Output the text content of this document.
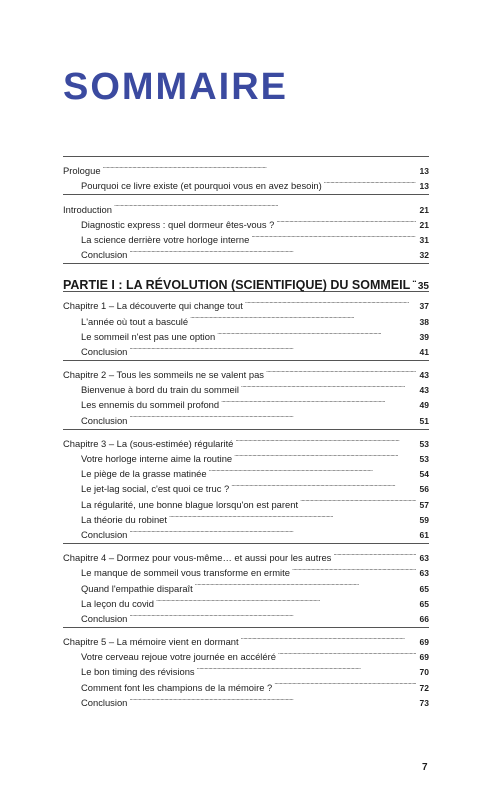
SOMMAIRE
Prologue . . .	13
Pourquoi ce livre existe (et pourquoi vous en avez besoin) . . .	13
Introduction . . .	21
Diagnostic express : quel dormeur êtes-vous ? . . .	21
La science derrière votre horloge interne . . .	31
Conclusion . . .	32
PARTIE I : LA RÉVOLUTION (SCIENTIFIQUE) DU SOMMEIL . . . 35
Chapitre 1 – La découverte qui change tout . . .	37
L'année où tout a basculé . . .	38
Le sommeil n'est pas une option . . .	39
Conclusion . . .	41
Chapitre 2 – Tous les sommeils ne se valent pas . . .	43
Bienvenue à bord du train du sommeil . . .	43
Les ennemis du sommeil profond . . .	49
Conclusion . . .	51
Chapitre 3 – La (sous-estimée) régularité . . .	53
Votre horloge interne aime la routine . . .	53
Le piège de la grasse matinée . . .	54
Le jet-lag social, c'est quoi ce truc ? . . .	56
La régularité, une bonne blague lorsqu'on est parent . . .	57
La théorie du robinet . . .	59
Conclusion . . .	61
Chapitre 4 – Dormez pour vous-même… et aussi pour les autres . . .	63
Le manque de sommeil vous transforme en ermite . . .	63
Quand l'empathie disparaît . . .	65
La leçon du covid . . .	65
Conclusion . . .	66
Chapitre 5 – La mémoire vient en dormant . . .	69
Votre cerveau rejoue votre journée en accéléré . . .	69
Le bon timing des révisions . . .	70
Comment font les champions de la mémoire ? . . .	72
Conclusion . . .	73
7
